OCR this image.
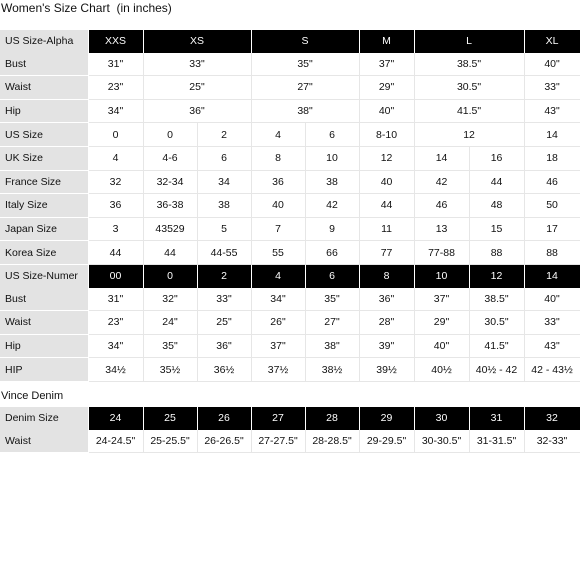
Women's Size Chart  (in inches)
US Size-Alpha	XXS	XS		S		M	L		XL
Bust	31"	33"		35"		37"	38.5"		40"
Waist	23"	25"		27"		29"	30.5"		33"
Hip	34"	36"		38"		40"	41.5"		43"
US Size	0	0	2	4	6	8-10	12		14
UK Size	4	4-6	6	8	10	12	14	16	18
France Size	32	32-34	34	36	38	40	42	44	46
Italy Size	36	36-38	38	40	42	44	46	48	50
Japan Size	3	43529	5	7	9	11	13	15	17
Korea Size	44	44	44-55	55	66	77	77-88	88	88
US Size-Numer	00	0	2	4	6	8	10	12	14
Bust	31"	32"	33"	34"	35"	36"	37"	38.5"	40"
Waist	23"	24"	25"	26"	27"	28"	29"	30.5"	33"
Hip	34"	35"	36"	37"	38"	39"	40"	41.5"	43"
HIP	34½	35½	36½	37½	38½	39½	40½	40½ - 42	42 - 43½
Vince Denim
Denim Size	24	25	26	27	28	29	30	31	32
Waist	24-24.5"	25-25.5"	26-26.5"	27-27.5"	28-28.5"	29-29.5"	30-30.5"	31-31.5"	32-33"
